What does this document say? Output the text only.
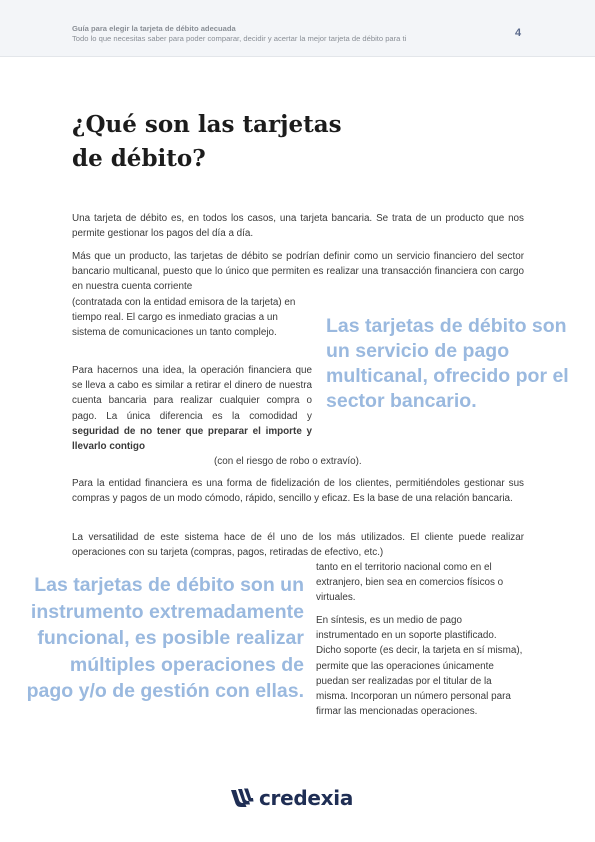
Guía para elegir la tarjeta de débito adecuada
Todo lo que necesitas saber para poder comparar, decidir y acertar la mejor tarjeta de débito para ti	4
¿Qué son las tarjetas
de débito?

Una tarjeta de débito es, en todos los casos, una tarjeta bancaria. Se trata de un producto que nos permite gestionar los pagos del día a día.

Más que un producto, las tarjetas de débito se podrían definir como un servicio financiero del sector bancario multicanal, puesto que lo único que permiten es realizar una transacción financiera con cargo en nuestra cuenta corriente

(contratada con la entidad emisora de la tarjeta) en tiempo real. El cargo es inmediato gracias a un sistema de comunicaciones un tanto complejo.

Para hacernos una idea, la operación financiera que se lleva a cabo es similar a retirar el dinero de nuestra cuenta bancaria para realizar cualquier compra o pago. La única diferencia es la comodidad y seguridad de no tener que preparar el importe y llevarlo contigo

(con el riesgo de robo o extravío).

Para la entidad financiera es una forma de fidelización de los clientes, permitiéndoles gestionar sus compras y pagos de un modo cómodo, rápido, sencillo y eficaz. Es la base de una relación bancaria.

La versatilidad de este sistema hace de él uno de los más utilizados. El cliente puede realizar operaciones con su tarjeta (compras, pagos, retiradas de efectivo, etc.)

tanto en el territorio nacional como en el extranjero, bien sea en comercios físicos o virtuales.

En síntesis, es un medio de pago instrumentado en un soporte plastificado. Dicho soporte (es decir, la tarjeta en sí misma), permite que las operaciones únicamente puedan ser realizadas por el titular de la misma. Incorporan un número personal para firmar las mencionadas operaciones.

Las tarjetas de débito son un servicio de pago multicanal, ofrecido por el sector bancario.

Las tarjetas de débito son un instrumento extremadamente funcional, es posible realizar múltiples operaciones de pago y/o de gestión con ellas.

credexia
